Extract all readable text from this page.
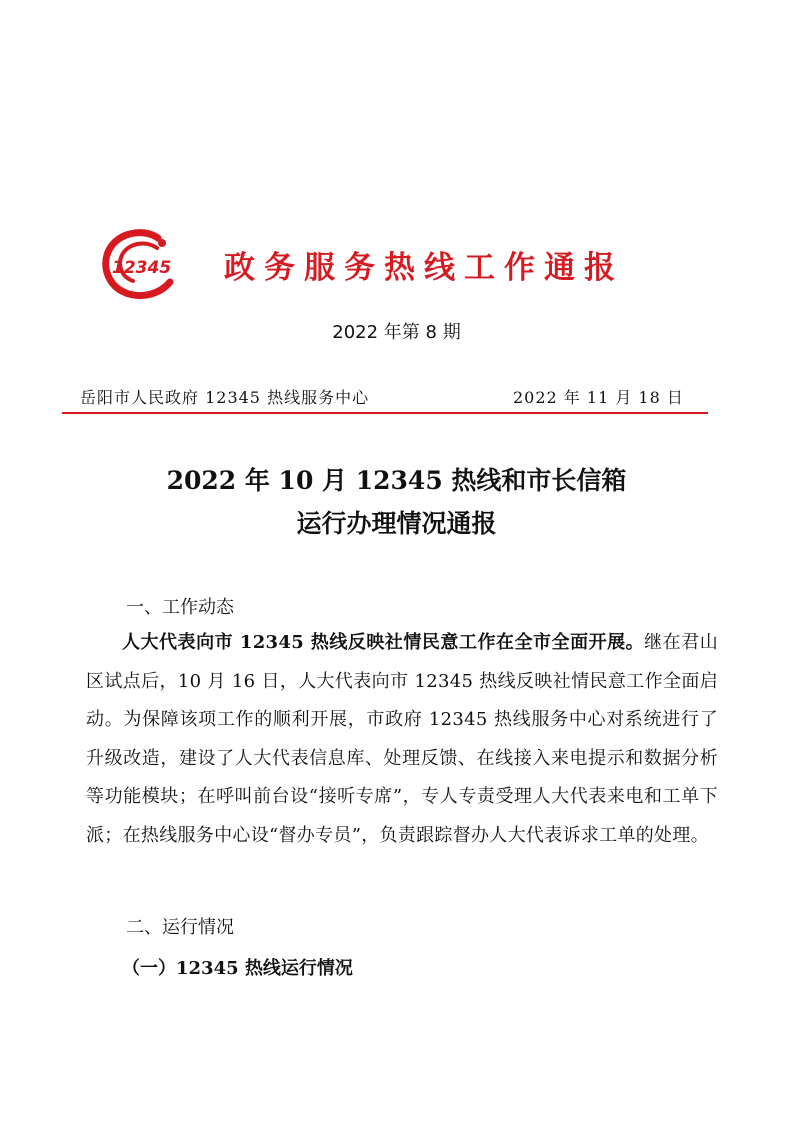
12345 政务服务热线工作通报
2022 年第 8 期
岳阳市人民政府 12345 热线服务中心	2022 年 11 月 18 日
2022 年 10 月 12345 热线和市长信箱
运行办理情况通报
一、工作动态
人大代表向市 12345 热线反映社情民意工作在全市全面开展。继在君山区试点后，10 月 16 日，人大代表向市 12345 热线反映社情民意工作全面启动。为保障该项工作的顺利开展，市政府 12345 热线服务中心对系统进行了升级改造，建设了人大代表信息库、处理反馈、在线接入来电提示和数据分析等功能模块；在呼叫前台设“接听专席”，专人专责受理人大代表来电和工单下派；在热线服务中心设“督办专员”，负责跟踪督办人大代表诉求工单的处理。
二、运行情况
（一）12345 热线运行情况
